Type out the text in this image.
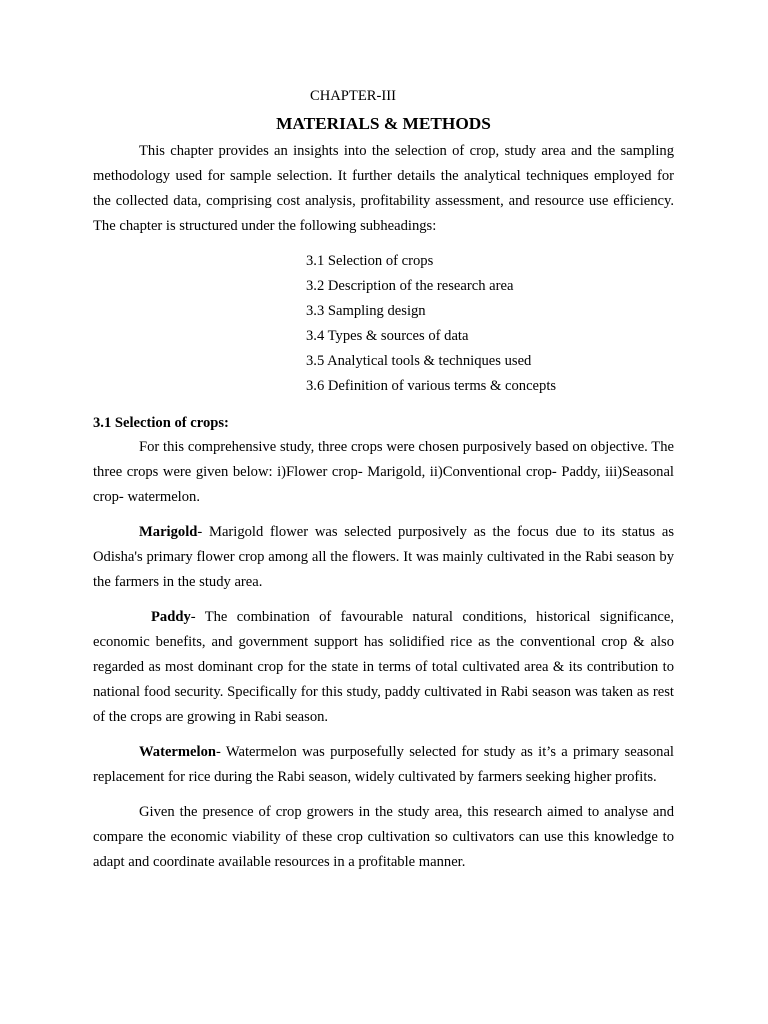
CHAPTER-III
MATERIALS & METHODS

This chapter provides an insights into the selection of crop, study area and the sampling methodology used for sample selection. It further details the analytical techniques employed for the collected data, comprising cost analysis, profitability assessment, and resource use efficiency. The chapter is structured under the following subheadings:

3.1 Selection of crops
3.2 Description of the research area
3.3 Sampling design
3.4 Types & sources of data
3.5 Analytical tools & techniques used
3.6 Definition of various terms & concepts
3.1 Selection of crops:

For this comprehensive study, three crops were chosen purposively based on objective. The three crops were given below: i)Flower crop- Marigold, ii)Conventional crop- Paddy, iii)Seasonal crop- watermelon.

Marigold- Marigold flower was selected purposively as the focus due to its status as Odisha's primary flower crop among all the flowers. It was mainly cultivated in the Rabi season by the farmers in the study area.

Paddy- The combination of favourable natural conditions, historical significance, economic benefits, and government support has solidified rice as the conventional crop & also regarded as most dominant crop for the state in terms of total cultivated area & its contribution to national food security. Specifically for this study, paddy cultivated in Rabi season was taken as rest of the crops are growing in Rabi season.

Watermelon- Watermelon was purposefully selected for study as it’s a primary seasonal replacement for rice during the Rabi season, widely cultivated by farmers seeking higher profits.

Given the presence of crop growers in the study area, this research aimed to analyse and compare the economic viability of these crop cultivation so cultivators can use this knowledge to adapt and coordinate available resources in a profitable manner.
